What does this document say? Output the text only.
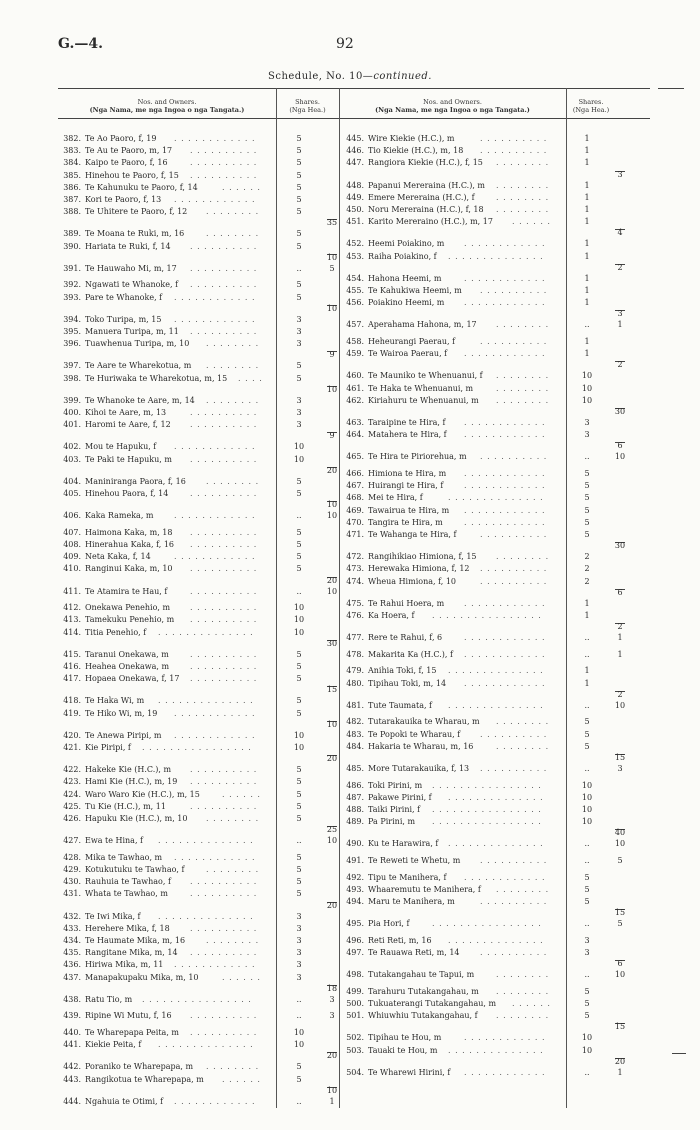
G.—4.	92
Schedule, No. 10—continued.
Nos. and Owners.
(Nga Nama, me nga Ingoa o nga Tangata.)
Shares.
(Nga Hea.)
Nos. and Owners.
(Nga Nama, me nga Ingoa o nga Tangata.)
Shares.
(Nga Hea.)
382. Te Ao Paoro, f, 19 . . . . . . . . . . . .	5
383. Te Au te Paoro, m, 17 . . . . . . . . . .	5
384. Kaipo te Paoro, f, 16	. . . . . . . . . .	5
385. Hinehou te Paoro, f, 15 . . . . . . . . . .	5
386. Te Kahunuku te Paoro, f, 14	. . . . . .	5
387. Kori te Paoro, f, 13 . . . . . . . . . . . .	5
388. Te Uhitere te Paoro, f, 12 . . . . . . . .	5
35
389. Te Moana te Ruki, m, 16	. . . . . . . .	5
390. Hariata te Ruki, f, 14 . . . . . . . . . .	5
10
391. Te Hauwaho Mi, m, 17 . . . . . . . . . .	..	5
392. Ngawati te Whanoke, f . . . . . . . . . .	5
393. Pare te Whanoke, f . . . . . . . . . . . .	5
10
394. Toko Turipa, m, 15 . . . . . . . . . . . .	3
395. Manuera Turipa, m, 11 . . . . . . . . . .	3
396. Tuawhenua Turipa, m, 10 . . . . . . . .	3
9
397. Te Aare te Wharekotua, m . . . . . . . .	5
398. Te Huriwaka te Wharekotua, m, 15 . . . .	5
10
399. Te Whanoke te Aare, m, 14 . . . . . . . .	3
400. Kihoi te Aare, m, 13	. . . . . . . . . .	3
401. Haromi te Aare, f, 12 . . . . . . . . . .	3
9
402. Mou te Hapuku, f . . . . . . . . . . . .	10
403. Te Paki te Hapuku, m . . . . . . . . . .	10
20
404. Maniniranga Paora, f, 16	. . . . . . . .	5
405. Hinehou Paora, f, 14	. . . . . . . . . .	5
10
406. Kaka Rameka, m	. . . . . . . . . . . .	..	10
407. Haimona Kaka, m, 18 . . . . . . . . . .	5
408. Hinerahua Kaka, f, 16 . . . . . . . . . .	5
409. Neta Kaka, f, 14	. . . . . . . . . . . .	5
410. Ranginui Kaka, m, 10 . . . . . . . . . .	5
20
411. Te Atamira te Hau, f	. . . . . . . . . .	..	10
412. Onekawa Penehio, m . . . . . . . . . .	10
413. Tamekuku Penehio, m . . . . . . . . . .	10
414. Titia Penehio, f . . . . . . . . . . . . . .	10
30
415. Taranui Onekawa, m	. . . . . . . . . .	5
416. Heahea Onekawa, m	. . . . . . . . . .	5
417. Hopaea Onekawa, f, 17 . . . . . . . . . .	5
15
418. Te Haka Wi, m . . . . . . . . . . . . . .	5
419. Te Hiko Wi, m, 19 . . . . . . . . . . . .	5
10
420. Te Anewa Piripi, m . . . . . . . . . . . .	10
421. Kie Piripi, f . . . . . . . . . . . . . . . .	10
20
422. Hakeke Kie (H.C.), m . . . . . . . . . .	5
423. Hami Kie (H.C.), m, 19 . . . . . . . . . .	5
424. Waro Waro Kie (H.C.), m, 15	. . . . . .	5
425. Tu Kie (H.C.), m, 11	. . . . . . . . . .	5
426. Hapuku Kie (H.C.), m, 10 . . . . . . . .	5
25
427. Ewa te Hina, f . . . . . . . . . . . . . .	..	10
428. Mika te Tawhao, m . . . . . . . . . . . .	5
429. Kotukutuku te Tawhao, f	. . . . . . . .	5
430. Rauhuia te Tawhao, f . . . . . . . . . .	5
431. Whata te Tawhao, m	. . . . . . . . . .	5
20
432. Te Iwi Mika, f . . . . . . . . . . . . . .	3
433. Herehere Mika, f, 18	. . . . . . . . . .	3
434. Te Haumate Mika, m, 16	. . . . . . . .	3
435. Rangitane Mika, m, 14 . . . . . . . . . .	3
436. Hiriwa Mika, m, 11 . . . . . . . . . . . .	3
437. Manapakupaku Mika, m, 10	. . . . . .	3
18
438. Ratu Tio, m . . . . . . . . . . . . . . . .	..	3
439. Ripine Wi Mutu, f, 16 . . . . . . . . . .	..	3
440. Te Wharepapa Peita, m . . . . . . . . . .	10
441. Kiekie Peita, f . . . . . . . . . . . . . .	10
20
442. Poraniko te Wharepapa, m . . . . . . . .	5
443. Rangikotua te Wharepapa, m . . . . . .	5
10
444. Ngahuia te Otimi, f . . . . . . . . . . . .	..	1
445. Wire Kiekie (H.C.), m	. . . . . . . . . .	1
446. Tio Kiekie (H.C.), m, 18 . . . . . . . . . .	1
447. Rangiora Kiekie (H.C.), f, 15 . . . . . . . .	1
3
448. Papanui Mereraina (H.C.), m . . . . . . . .	1
449. Emere Mereraina (H.C.), f	. . . . . . . .	1
450. Noru Mereraina (H.C.), f, 18 . . . . . . . .	1
451. Karito Mereraino (H.C.), m, 17 . . . . . .	1
4
452. Heemi Poiakino, m . . . . . . . . . . . .	1
453. Raiha Poiakino, f . . . . . . . . . . . . . .	1
2
454. Hahona Heemi, m	. . . . . . . . . . . .	1
455. Te Kahukiwa Heemi, m . . . . . . . . . .	1
456. Poiakino Heemi, m . . . . . . . . . . . .	1
3
457. Aperahama Hahona, m, 17 . . . . . . . .	..	1
458. Heheurangi Paerau, f	. . . . . . . . . .	1
459. Te Wairoa Paerau, f . . . . . . . . . . . .	1
2
460. Te Mauniko te Whenuanui, f . . . . . . . .	10
461. Te Haka te Whenuanui, m	. . . . . . . .	10
462. Kiriahuru te Whenuanui, m . . . . . . . .	10
30
463. Taraipine te Hira, f . . . . . . . . . . . .	3
464. Matahera te Hira, f . . . . . . . . . . . .	3
6
465. Te Hira te Piriorehua, m . . . . . . . . . .	..	10
466. Himiona te Hira, m . . . . . . . . . . . .	5
467. Huirangi te Hira, f	. . . . . . . . . . . .	5
468. Mei te Hira, f	. . . . . . . . . . . . . .	5
469. Tawairua te Hira, m . . . . . . . . . . . .	5
470. Tangira te Hira, m	. . . . . . . . . . . .	5
471. Te Wahanga te Hira, f	. . . . . . . . . .	5
30
472. Rangihikiao Himiona, f, 15 . . . . . . . .	2
473. Herewaka Himiona, f, 12 . . . . . . . . . .	2
474. Wheua Himiona, f, 10	. . . . . . . . . .	2
6
475. Te Rahui Hoera, m . . . . . . . . . . . .	1
476. Ka Hoera, f . . . . . . . . . . . . . . . .	1
2
477. Rere te Rahui, f, 6	. . . . . . . . . . . .	..	1
478. Makarita Ka (H.C.), f . . . . . . . . . . . .	..	1
479. Anihia Toki, f, 15 . . . . . . . . . . . . . .	1
480. Tipihau Toki, m, 14 . . . . . . . . . . . .	1
2
481. Tute Taumata, f . . . . . . . . . . . . . .	..	10
482. Tutarakauika te Wharau, m . . . . . . . .	5
483. Te Popoki te Wharau, f . . . . . . . . . .	5
484. Hakaria te Wharau, m, 16	. . . . . . . .	5
15
485. More Tutarakauika, f, 13 . . . . . . . . . .	..	3
486. Toki Pirini, m . . . . . . . . . . . . . . . .	10
487. Pakawe Pirini, f . . . . . . . . . . . . . .	10
488. Taiki Pirini, f . . . . . . . . . . . . . . . .	10
489. Pa Pirini, m . . . . . . . . . . . . . . . .	10
40
490. Ku te Harawira, f . . . . . . . . . . . . . .	..	10
491. Te Reweti te Whetu, m . . . . . . . . . .	..	5
492. Tipu te Manihera, f . . . . . . . . . . . .	5
493. Whaaremutu te Manihera, f . . . . . . . .	5
494. Maru te Manihera, m	. . . . . . . . . .	5
15
495. Pia Hori, f	. . . . . . . . . . . . . . . .	..	5
496. Reti Reti, m, 16 . . . . . . . . . . . . . .	3
497. Te Rauawa Reti, m, 14	. . . . . . . . . .	3
6
498. Tutakangahau te Tapui, m	. . . . . . . .	..	10
499. Tarahuru Tutakangahau, m . . . . . . . .	5
500. Tukuaterangi Tutakangahau, m . . . . . .	5
501. Whiuwhiu Tutakangahau, f . . . . . . . .	5
15
502. Tipihau te Hou, m	. . . . . . . . . . . .	10
503. Tauaki te Hou, m . . . . . . . . . . . . . .	10
20
504. Te Wharewi Hirini, f . . . . . . . . . . . .	..	1
